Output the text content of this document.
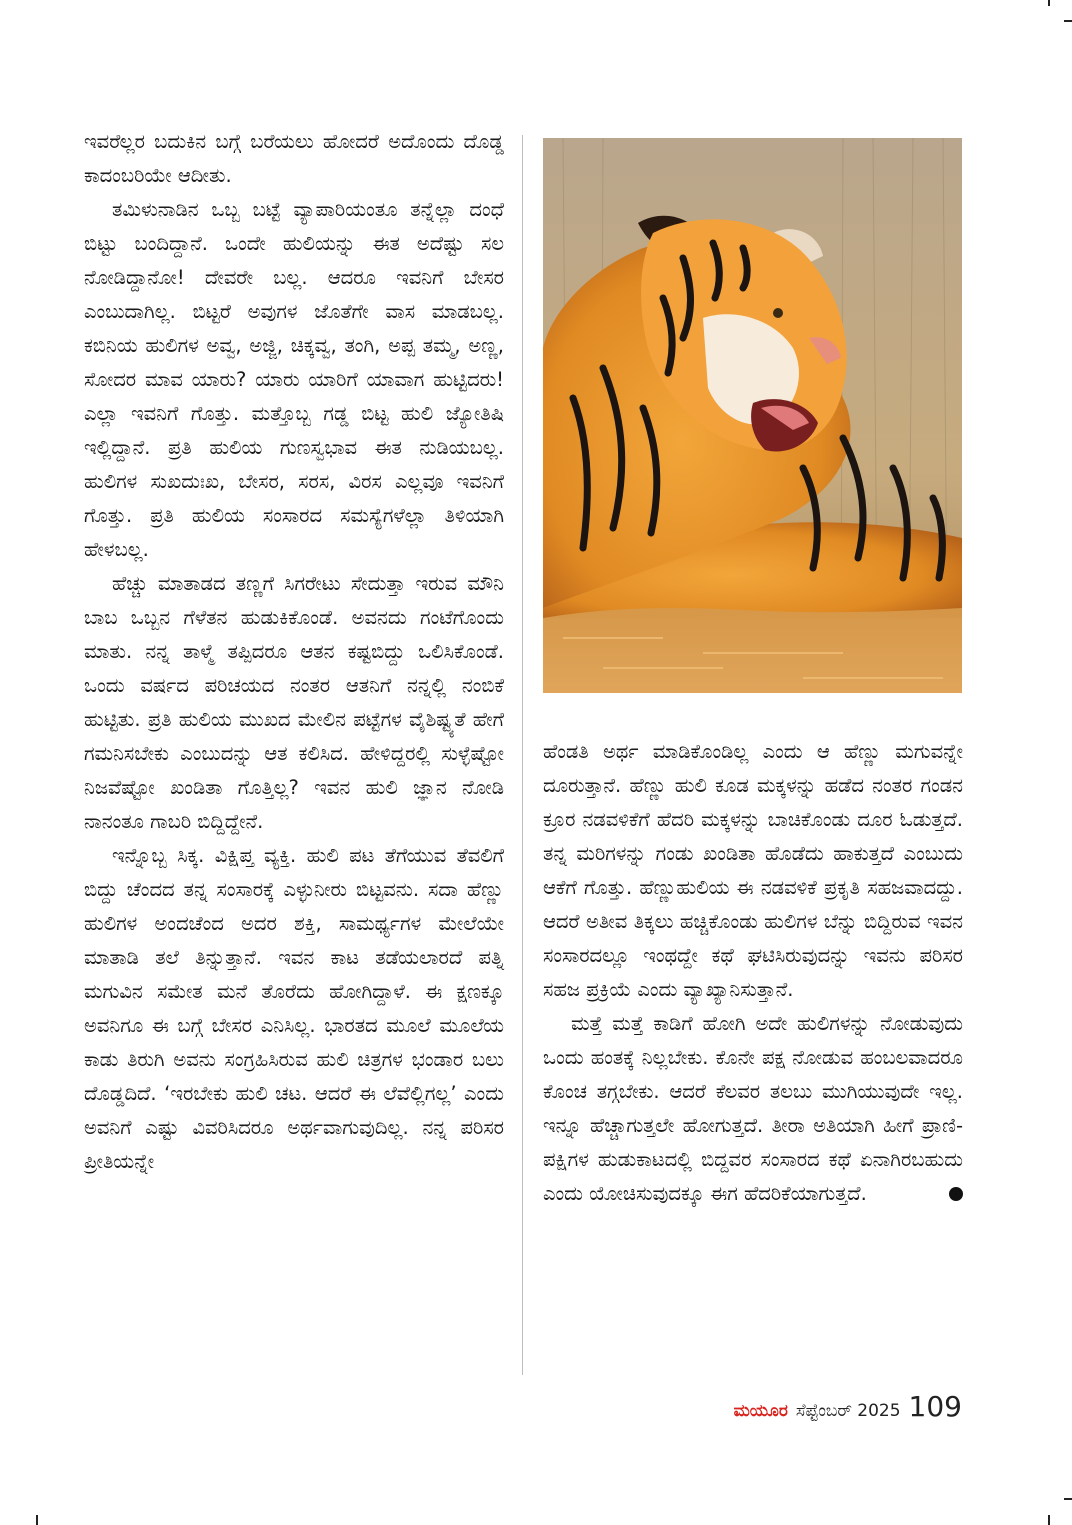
ಇವರೆಲ್ಲರ ಬದುಕಿನ ಬಗ್ಗೆ ಬರೆಯಲು ಹೋದರೆ ಅದೊಂದು ದೊಡ್ಡ ಕಾದಂಬರಿಯೇ ಆದೀತು.

ತಮಿಳುನಾಡಿನ ಒಬ್ಬ ಬಟ್ಟೆ ವ್ಯಾಪಾರಿಯಂತೂ ತನ್ನೆಲ್ಲಾ ದಂಧೆ ಬಿಟ್ಟು ಬಂದಿದ್ದಾನೆ. ಒಂದೇ ಹುಲಿಯನ್ನು ಈತ ಅದೆಷ್ಟು ಸಲ ನೋಡಿದ್ದಾನೋ! ದೇವರೇ ಬಲ್ಲ. ಆದರೂ ಇವನಿಗೆ ಬೇಸರ ಎಂಬುದಾಗಿಲ್ಲ. ಬಿಟ್ಟರೆ ಅವುಗಳ ಜೊತೆಗೇ ವಾಸ ಮಾಡಬಲ್ಲ. ಕಬಿನಿಯ ಹುಲಿಗಳ ಅವ್ವ, ಅಜ್ಜಿ, ಚಿಕ್ಕವ್ವ, ತಂಗಿ, ಅಪ್ಪ ತಮ್ಮ, ಅಣ್ಣ, ಸೋದರ ಮಾವ ಯಾರು? ಯಾರು ಯಾರಿಗೆ ಯಾವಾಗ ಹುಟ್ಟಿದರು! ಎಲ್ಲಾ ಇವನಿಗೆ ಗೊತ್ತು. ಮತ್ತೊಬ್ಬ ಗಡ್ಡ ಬಿಟ್ಟ ಹುಲಿ ಜ್ಯೋತಿಷಿ ಇಲ್ಲಿದ್ದಾನೆ. ಪ್ರತಿ ಹುಲಿಯ ಗುಣಸ್ವಭಾವ ಈತ ನುಡಿಯಬಲ್ಲ. ಹುಲಿಗಳ ಸುಖದುಃಖ, ಬೇಸರ, ಸರಸ, ವಿರಸ ಎಲ್ಲವೂ ಇವನಿಗೆ ಗೊತ್ತು. ಪ್ರತಿ ಹುಲಿಯ ಸಂಸಾರದ ಸಮಸ್ಯೆಗಳೆಲ್ಲಾ ತಿಳಿಯಾಗಿ ಹೇಳಬಲ್ಲ.

ಹೆಚ್ಚು ಮಾತಾಡದ ತಣ್ಣಗೆ ಸಿಗರೇಟು ಸೇದುತ್ತಾ ಇರುವ ಮೌನಿ ಬಾಬ ಒಬ್ಬನ ಗೆಳೆತನ ಹುಡುಕಿಕೊಂಡೆ. ಅವನದು ಗಂಟೆಗೊಂದು ಮಾತು. ನನ್ನ ತಾಳ್ಮೆ ತಪ್ಪಿದರೂ ಆತನ ಕಷ್ಟಬಿದ್ದು ಒಲಿಸಿಕೊಂಡೆ. ಒಂದು ವರ್ಷದ ಪರಿಚಯದ ನಂತರ ಆತನಿಗೆ ನನ್ನಲ್ಲಿ ನಂಬಿಕೆ ಹುಟ್ಟಿತು. ಪ್ರತಿ ಹುಲಿಯ ಮುಖದ ಮೇಲಿನ ಪಟ್ಟೆಗಳ ವೈಶಿಷ್ಟ್ಯತೆ ಹೇಗೆ ಗಮನಿಸಬೇಕು ಎಂಬುದನ್ನು ಆತ ಕಲಿಸಿದ. ಹೇಳಿದ್ದರಲ್ಲಿ ಸುಳ್ಳೆಷ್ಟೋ ನಿಜವೆಷ್ಟೋ ಖಂಡಿತಾ ಗೊತ್ತಿಲ್ಲ? ಇವನ ಹುಲಿ ಜ್ಞಾನ ನೋಡಿ ನಾನಂತೂ ಗಾಬರಿ ಬಿದ್ದಿದ್ದೇನೆ.

ಇನ್ನೊಬ್ಬ ಸಿಕ್ಕ. ವಿಕ್ಷಿಪ್ತ ವ್ಯಕ್ತಿ. ಹುಲಿ ಪಟ ತೆಗೆಯುವ ತೆವಲಿಗೆ ಬಿದ್ದು ಚೆಂದದ ತನ್ನ ಸಂಸಾರಕ್ಕೆ ಎಳ್ಳುನೀರು ಬಿಟ್ಟವನು. ಸದಾ ಹೆಣ್ಣು ಹುಲಿಗಳ ಅಂದಚೆಂದ ಅದರ ಶಕ್ತಿ, ಸಾಮರ್ಥ್ಯಗಳ ಮೇಲೆಯೇ ಮಾತಾಡಿ ತಲೆ ತಿನ್ನುತ್ತಾನೆ. ಇವನ ಕಾಟ ತಡೆಯಲಾರದೆ ಪತ್ನಿ ಮಗುವಿನ ಸಮೇತ ಮನೆ ತೊರೆದು ಹೋಗಿದ್ದಾಳೆ. ಈ ಕ್ಷಣಕ್ಕೂ ಅವನಿಗೂ ಈ ಬಗ್ಗೆ ಬೇಸರ ಎನಿಸಿಲ್ಲ. ಭಾರತದ ಮೂಲೆ ಮೂಲೆಯ ಕಾಡು ತಿರುಗಿ ಅವನು ಸಂಗ್ರಹಿಸಿರುವ ಹುಲಿ ಚಿತ್ರಗಳ ಭಂಡಾರ ಬಲು ದೊಡ್ಡದಿದೆ. ‘ಇರಬೇಕು ಹುಲಿ ಚಟ. ಆದರೆ ಈ ಲೆವೆಲ್ಲಿಗಲ್ಲ’ ಎಂದು ಅವನಿಗೆ ಎಷ್ಟು ವಿವರಿಸಿದರೂ ಅರ್ಥವಾಗುವುದಿಲ್ಲ. ನನ್ನ ಪರಿಸರ ಪ್ರೀತಿಯನ್ನೇ

ಹೆಂಡತಿ ಅರ್ಥ ಮಾಡಿಕೊಂಡಿಲ್ಲ ಎಂದು ಆ ಹೆಣ್ಣು ಮಗುವನ್ನೇ ದೂರುತ್ತಾನೆ. ಹೆಣ್ಣು ಹುಲಿ ಕೂಡ ಮಕ್ಕಳನ್ನು ಹಡೆದ ನಂತರ ಗಂಡನ ಕ್ರೂರ ನಡವಳಿಕೆಗೆ ಹೆದರಿ ಮಕ್ಕಳನ್ನು ಬಾಚಿಕೊಂಡು ದೂರ ಓಡುತ್ತದೆ. ತನ್ನ ಮರಿಗಳನ್ನು ಗಂಡು ಖಂಡಿತಾ ಹೊಡೆದು ಹಾಕುತ್ತದೆ ಎಂಬುದು ಆಕೆಗೆ ಗೊತ್ತು. ಹೆಣ್ಣುಹುಲಿಯ ಈ ನಡವಳಿಕೆ ಪ್ರಕೃತಿ ಸಹಜವಾದದ್ದು. ಆದರೆ ಅತೀವ ತಿಕ್ಕಲು ಹಚ್ಚಿಕೊಂಡು ಹುಲಿಗಳ ಬೆನ್ನು ಬಿದ್ದಿರುವ ಇವನ ಸಂಸಾರದಲ್ಲೂ ಇಂಥದ್ದೇ ಕಥೆ ಘಟಿಸಿರುವುದನ್ನು ಇವನು ಪರಿಸರ ಸಹಜ ಪ್ರಕ್ರಿಯೆ ಎಂದು ವ್ಯಾಖ್ಯಾನಿಸುತ್ತಾನೆ.

ಮತ್ತೆ ಮತ್ತೆ ಕಾಡಿಗೆ ಹೋಗಿ ಅದೇ ಹುಲಿಗಳನ್ನು ನೋಡುವುದು ಒಂದು ಹಂತಕ್ಕೆ ನಿಲ್ಲಬೇಕು. ಕೊನೇ ಪಕ್ಷ ನೋಡುವ ಹಂಬಲವಾದರೂ ಕೊಂಚ ತಗ್ಗಬೇಕು. ಆದರೆ ಕೆಲವರ ತಲಬು ಮುಗಿಯುವುದೇ ಇಲ್ಲ. ಇನ್ನೂ ಹೆಚ್ಚಾಗುತ್ತಲೇ ಹೋಗುತ್ತದೆ. ತೀರಾ ಅತಿಯಾಗಿ ಹೀಗೆ ಪ್ರಾಣಿ- ಪಕ್ಷಿಗಳ ಹುಡುಕಾಟದಲ್ಲಿ ಬಿದ್ದವರ ಸಂಸಾರದ ಕಥೆ ಏನಾಗಿರಬಹುದು ಎಂದು ಯೋಚಿಸುವುದಕ್ಕೂ ಈಗ ಹೆದರಿಕೆಯಾಗುತ್ತದೆ.

ಮಯೂರ ಸೆಪ್ಟೆಂಬರ್ 2025 109
